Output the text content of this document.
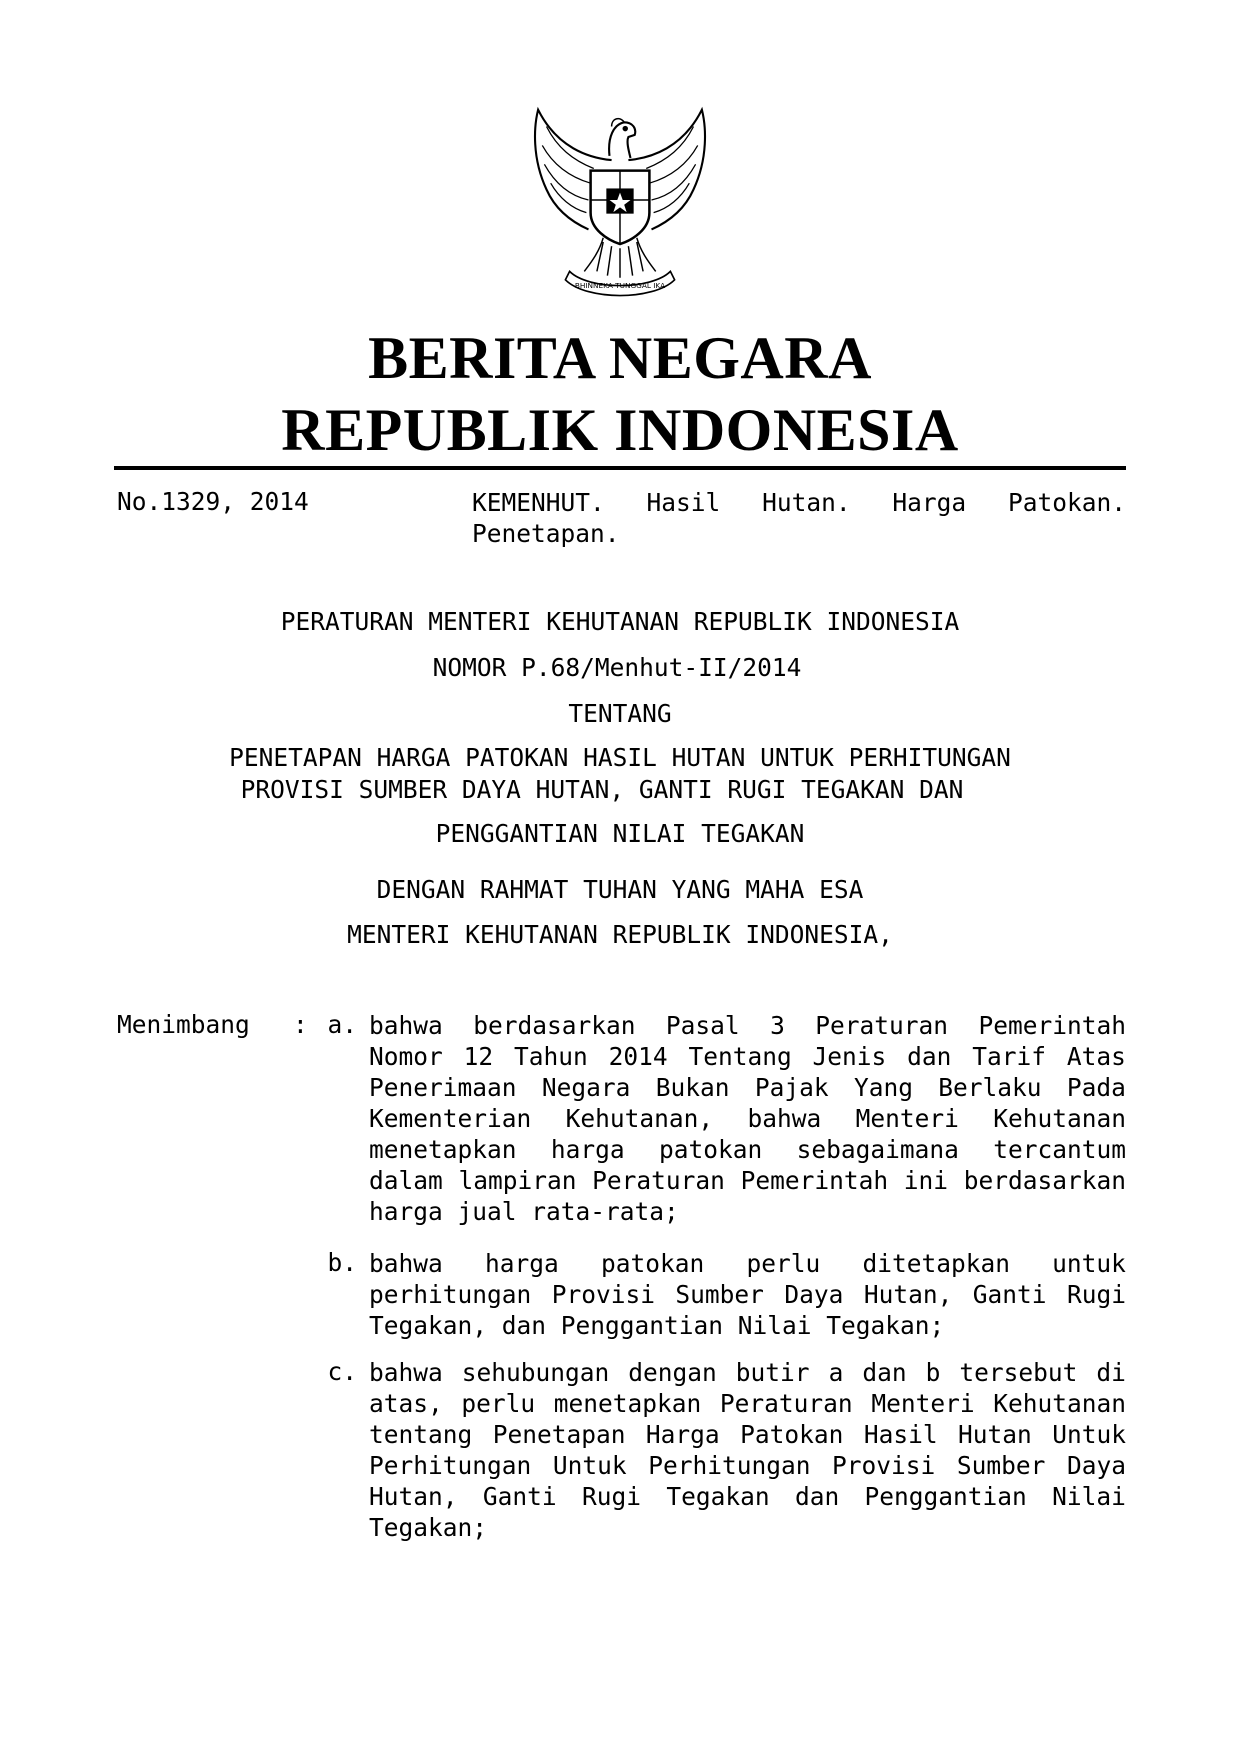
BHINNEKA TUNGGAL IKA
BERITA NEGARA
REPUBLIK INDONESIA
No.1329, 2014	KEMENHUT. Hasil Hutan. Harga Patokan.
Penetapan.
PERATURAN MENTERI KEHUTANAN REPUBLIK INDONESIA
NOMOR P.68/Menhut-II/2014
TENTANG
PENETAPAN HARGA PATOKAN HASIL HUTAN UNTUK PERHITUNGAN
PROVISI SUMBER DAYA HUTAN, GANTI RUGI TEGAKAN DAN
PENGGANTIAN NILAI TEGAKAN
DENGAN RAHMAT TUHAN YANG MAHA ESA
MENTERI KEHUTANAN REPUBLIK INDONESIA,
Menimbang : a. bahwa berdasarkan Pasal 3 Peraturan Pemerintah
Nomor 12 Tahun 2014 Tentang Jenis dan Tarif Atas
Penerimaan Negara Bukan Pajak Yang Berlaku Pada
Kementerian Kehutanan, bahwa Menteri Kehutanan
menetapkan harga patokan sebagaimana tercantum
dalam lampiran Peraturan Pemerintah ini berdasarkan
harga jual rata-rata;
b. bahwa harga patokan perlu ditetapkan untuk
perhitungan Provisi Sumber Daya Hutan, Ganti Rugi
Tegakan, dan Penggantian Nilai Tegakan;
c. bahwa sehubungan dengan butir a dan b tersebut di
atas, perlu menetapkan Peraturan Menteri Kehutanan
tentang Penetapan Harga Patokan Hasil Hutan Untuk
Perhitungan Untuk Perhitungan Provisi Sumber Daya
Hutan, Ganti Rugi Tegakan dan Penggantian Nilai
Tegakan;
